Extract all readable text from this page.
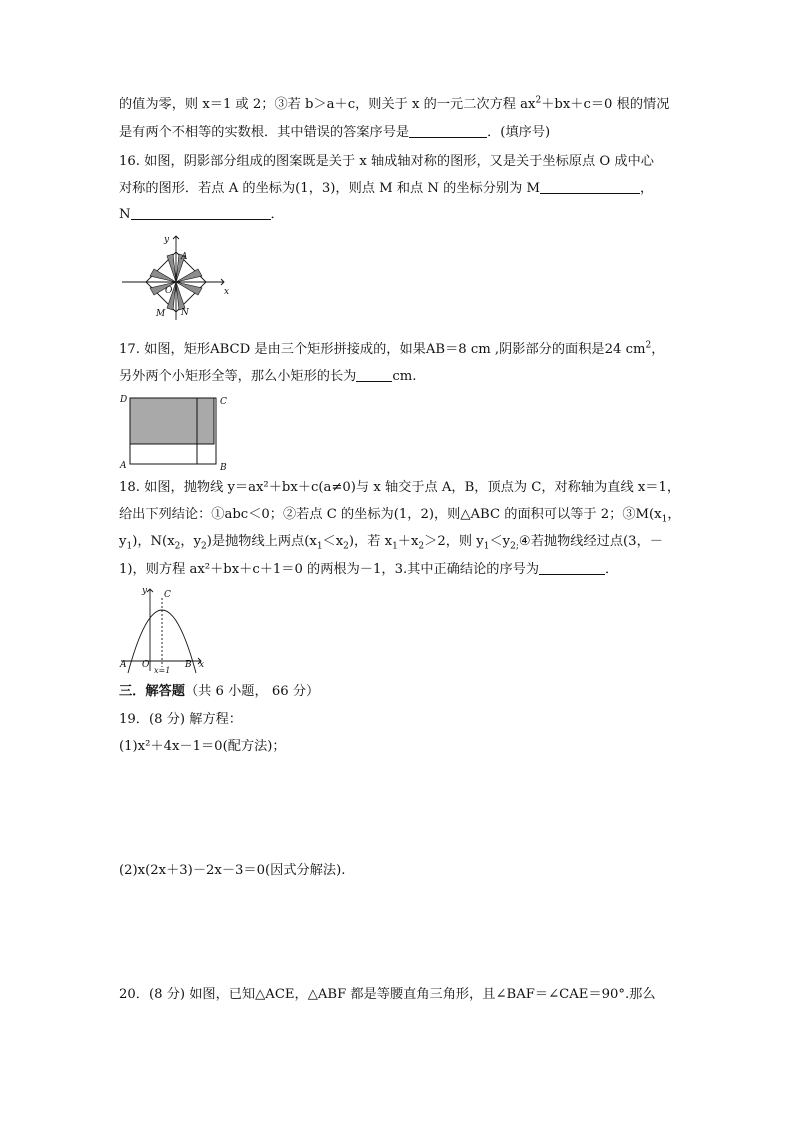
的值为零，则 x＝1 或 2；③若 b＞a＋c，则关于 x 的一元二次方程 $ax^2+bx+c=0$ 根的情况
是有两个不相等的实数根．其中错误的答案序号是	．(填序号)
16. 如图，阴影部分组成的图案既是关于 x 轴成轴对称的图形，又是关于坐标原点 O 成中心
对称的图形．若点 A 的坐标为(1，3)，则点 M 和点 N 的坐标分别为 M	，
N	．
y
x
A
O
M N
17. 如图，矩形ABCD 是由三个矩形拼接成的，如果AB＝8 cm ,阴影部分的面积是24 $cm^2$，
另外两个小矩形全等，那么小矩形的长为	cm.
D	C
A	B
18. 如图，抛物线 y＝ax²＋bx＋c(a≠0)与 x 轴交于点 A，B，顶点为 C，对称轴为直线 x＝1，
给出下列结论：①abc＜0；②若点 C 的坐标为(1，2)，则△ABC 的面积可以等于 2；$③M(x_1$，
$y_1$)，$N(x_2$，$y_2$)是抛物线上两点$(x_1<x_2)$，若 $x_1+x_2>2$，则 $y_1<y_{2;}④$若抛物线经过点(3，－
1)，则方程 ax²＋bx＋c＋1＝0 的两根为－1，3.其中正确结论的序号为	．
y C
A O	B x
x=1
三．解答题（共 6 小题， 66 分）
19．(8 分) 解方程：
(1)x²＋4x－1＝0(配方法)；
(2)x(2x＋3)－2x－3＝0(因式分解法).
20．(8 分) 如图，已知△ACE，△ABF 都是等腰直角三角形，且∠BAF＝∠CAE＝90°.那么
